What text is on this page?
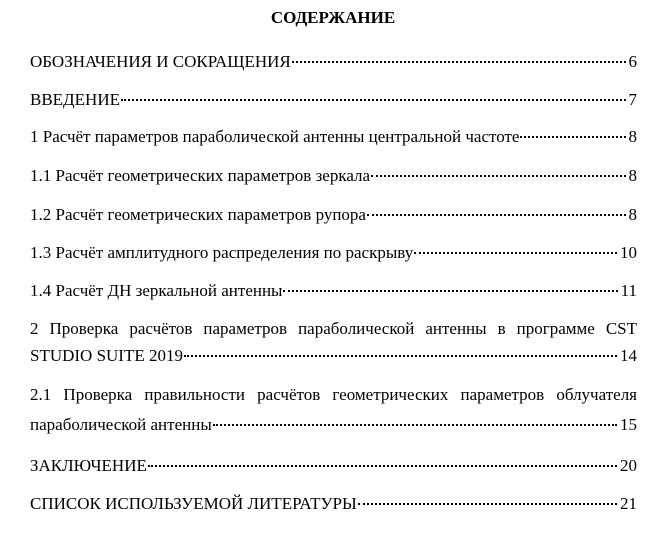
СОДЕРЖАНИЕ
ОБОЗНАЧЕНИЯ И СОКРАЩЕНИЯ	6
ВВЕДЕНИЕ	7
1 Расчёт параметров параболической антенны центральной частоте	8
1.1 Расчёт геометрических параметров зеркала	8
1.2 Расчёт геометрических параметров рупора	8
1.3 Расчёт амплитудного распределения по раскрыву	10
1.4 Расчёт ДН зеркальной антенны	11
2 Проверка расчётов параметров параболической антенны в программе CST
STUDIO SUITE 2019	14
2.1 Проверка правильности расчётов геометрических параметров облучателя
параболической антенны	15
ЗАКЛЮЧЕНИЕ	20
СПИСОК ИСПОЛЬЗУЕМОЙ ЛИТЕРАТУРЫ	21
